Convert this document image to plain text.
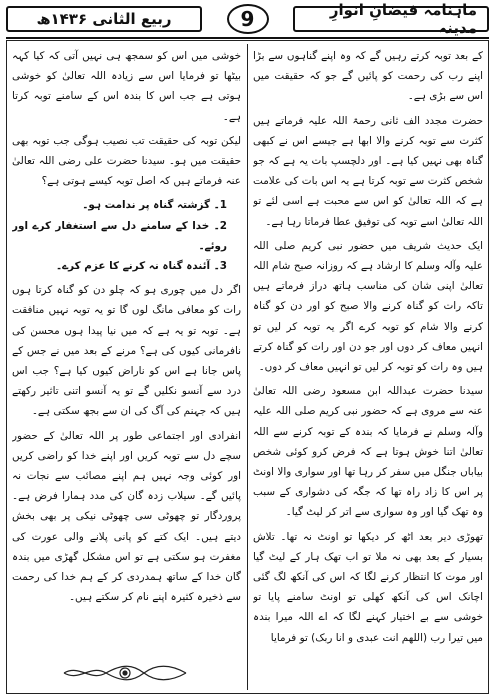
ربیع الثانی ۱۴۳۶ھ	9	ماہنامہ فیضانِ انوارِ مدینہ

کے بعد توبہ کرتے رہیں گے کہ وہ اپنے گناہوں سے بڑا اپنے رب کی رحمت کو پائیں گے جو کہ حقیقت میں اس سے بڑی ہے۔

حضرت مجدد الف ثانی رحمۃ اللہ علیہ فرماتے ہیں کثرت سے توبہ کرنے والا ابھا ہے جیسے اس نے کبھی گناہ بھی نہیں کیا ہے۔ اور دلچسپ بات یہ ہے کہ جو شخص کثرت سے توبہ کرتا ہے یہ اس بات کی علامت ہے کہ اللہ تعالیٰ کو اس سے محبت ہے اسی لئے تو اللہ تعالیٰ اسے توبہ کی توفیق عطا فرماتا رہا ہے۔

ایک حدیث شریف میں حضور نبی کریم صلی اللہ علیہ وآلہ وسلم کا ارشاد ہے کہ روزانہ صبح شام اللہ تعالیٰ اپنی شان کی مناسب ہاتھ دراز فرماتے ہیں تاکہ رات کو گناہ کرنے والا صبح کو اور دن کو گناہ کرنے والا شام کو توبہ کرے اگر یہ توبہ کر لیں تو انہیں معاف کر دوں اور جو دن اور رات کو گناہ کرتے ہیں وہ رات کو توبہ کر لیں تو انہیں معاف کر دوں۔

سیدنا حضرت عبداللہ ابن مسعود رضی اللہ تعالیٰ عنہ سے مروی ہے کہ حضور نبی کریم صلی اللہ علیہ وآلہ وسلم نے فرمایا کہ بندہ کے توبہ کرنے سے اللہ تعالیٰ اتنا خوش ہوتا ہے کہ فرض کرو کوئی شخص بیاباں جنگل میں سفر کر رہا تھا اور سواری والا اونٹ پر اس کا زاد راہ تھا کہ جگہ کی دشواری کے سبب وہ تھک گیا اور وہ سواری سے اتر کر لیٹ گیا۔

تھوڑی دیر بعد اٹھ کر دیکھا تو اونٹ نہ تھا۔ تلاش بسیار کے بعد بھی نہ ملا تو اب تھک ہار کے لیٹ گیا اور موت کا انتظار کرنے لگا کہ اس کی آنکھ لگ گئی اچانک اس کی آنکھ کھلی تو اونٹ سامنے پایا تو خوشی سے بے اختیار کہنے لگا کہ اے اللہ میرا بندہ میں تیرا رب (اللھم انت عبدی و انا ربک) تو فرمایا

خوشی میں اس کو سمجھ ہی نہیں آتی کہ کیا کہہ بیٹھا تو فرمایا اس سے زیادہ اللہ تعالیٰ کو خوشی ہوتی ہے جب اس کا بندہ اس کے سامنے توبہ کرتا ہے۔

لیکن توبہ کی حقیقت تب نصیب ہوگی جب توبہ بھی حقیقت میں ہو۔ سیدنا حضرت علی رضی اللہ تعالیٰ عنہ فرماتے ہیں کہ اصل توبہ کیسے ہوتی ہے؟

1۔ گزشتہ گناہ پر ندامت ہو۔
2۔ خدا کے سامنے دل سے استغفار کرے اور روئے۔
3۔ آئندہ گناہ نہ کرنے کا عزم کرے۔

اگر دل میں چوری ہو کہ چلو دن کو گناہ کرتا ہوں رات کو معافی مانگ لوں گا تو یہ توبہ نہیں منافقت ہے۔ توبہ تو یہ ہے کہ میں نیا پیدا ہوں محسن کی نافرمانی کیوں کی ہے؟ مرنے کے بعد میں نے جس کے پاس جانا ہے اس کو ناراض کیوں کیا ہے؟ جب اس درد سے آنسو نکلیں گے تو یہ آنسو اتنی تاثیر رکھتے ہیں کہ جہنم کی آگ کی ان سے بجھ سکتی ہے۔

انفرادی اور اجتماعی طور پر اللہ تعالیٰ کے حضور سچے دل سے توبہ کریں اور اپنے خدا کو راضی کریں اور کوئی وجہ نہیں ہم اپنے مصائب سے نجات نہ پائیں گے۔ سیلاب زدہ گان کی مدد ہمارا فرض ہے۔ پروردگار تو چھوٹی سی چھوٹی نیکی پر بھی بخش دیتے ہیں۔ ایک کتے کو پانی پلانے والی عورت کی مغفرت ہو سکتی ہے تو اس مشکل گھڑی میں بندہ گان خدا کے ساتھ ہمدردی کر کے ہم خدا کی رحمت سے ذخیرہ کثیرہ اپنے نام کر سکتے ہیں۔
